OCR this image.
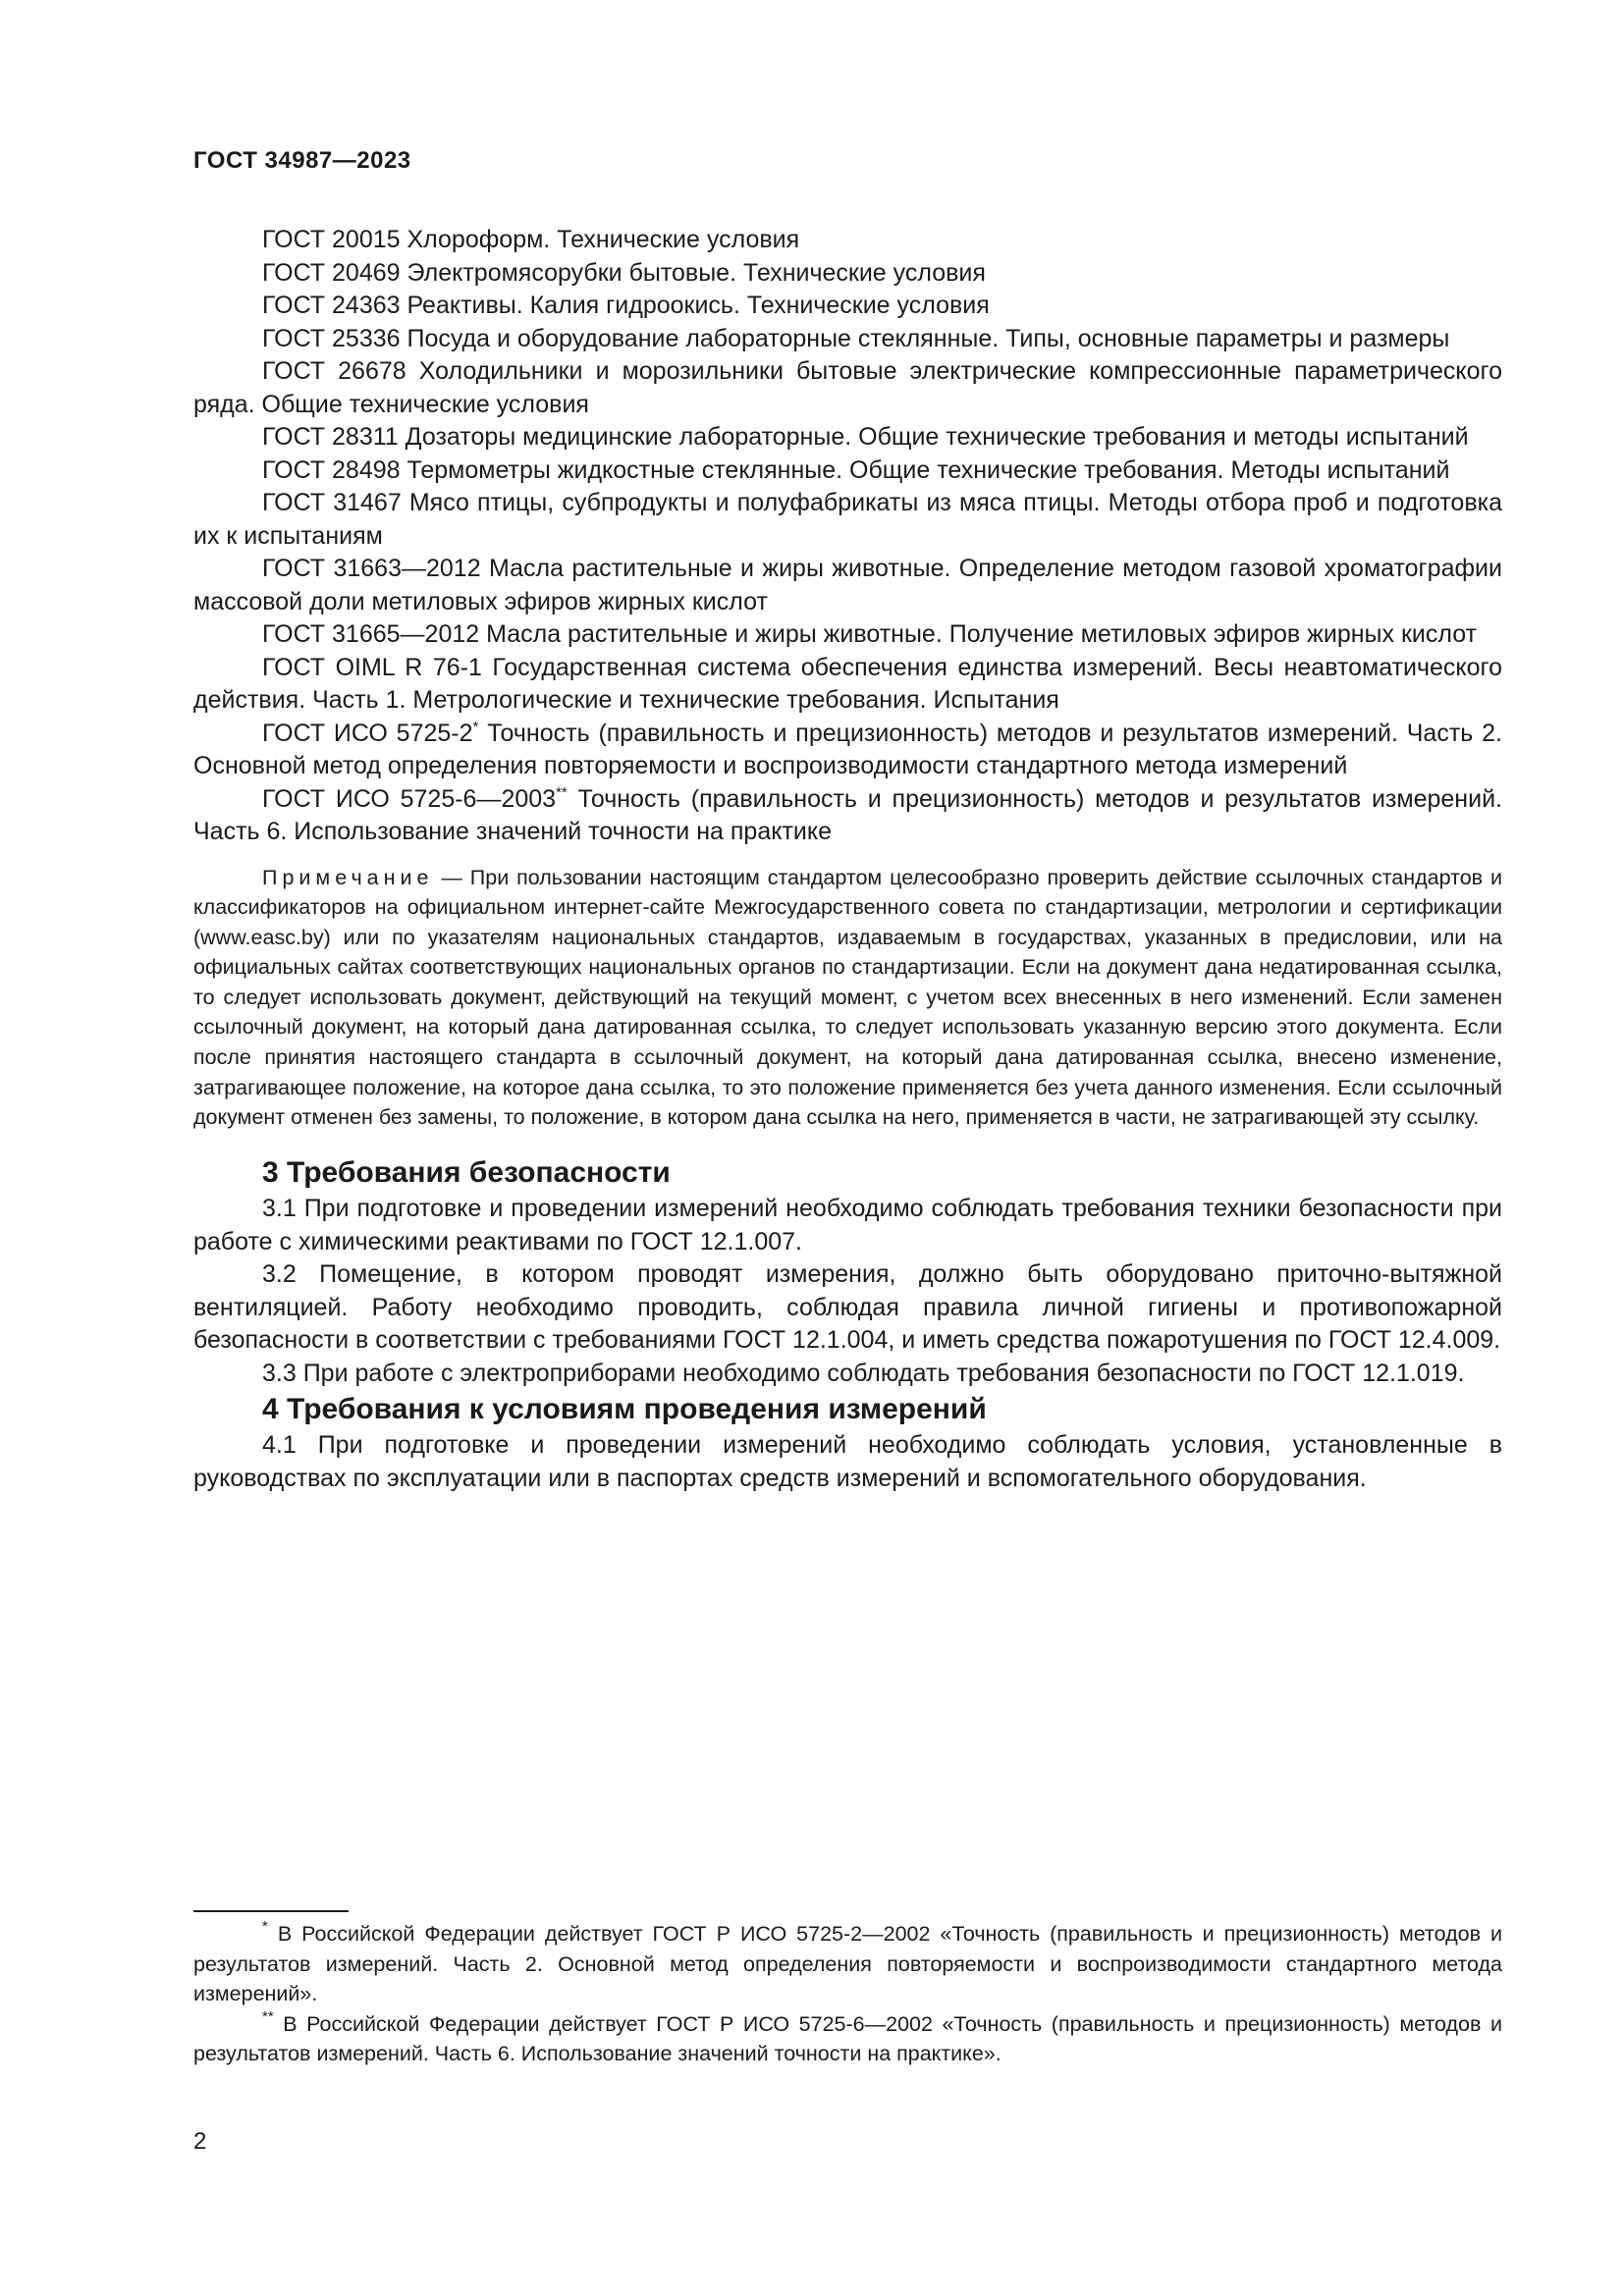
ГОСТ 34987—2023

ГОСТ 20015 Хлороформ. Технические условия

ГОСТ 20469 Электромясорубки бытовые. Технические условия

ГОСТ 24363 Реактивы. Калия гидроокись. Технические условия

ГОСТ 25336 Посуда и оборудование лабораторные стеклянные. Типы, основные параметры и размеры

ГОСТ 26678 Холодильники и морозильники бытовые электрические компрессионные параметрического ряда. Общие технические условия

ГОСТ 28311 Дозаторы медицинские лабораторные. Общие технические требования и методы испытаний

ГОСТ 28498 Термометры жидкостные стеклянные. Общие технические требования. Методы испытаний

ГОСТ 31467 Мясо птицы, субпродукты и полуфабрикаты из мяса птицы. Методы отбора проб и подготовка их к испытаниям

ГОСТ 31663—2012 Масла растительные и жиры животные. Определение методом газовой хроматографии массовой доли метиловых эфиров жирных кислот

ГОСТ 31665—2012 Масла растительные и жиры животные. Получение метиловых эфиров жирных кислот

ГОСТ OIML R 76-1 Государственная система обеспечения единства измерений. Весы неавтоматического действия. Часть 1. Метрологические и технические требования. Испытания

ГОСТ ИСО 5725-2* Точность (правильность и прецизионность) методов и результатов измерений. Часть 2. Основной метод определения повторяемости и воспроизводимости стандартного метода измерений

ГОСТ ИСО 5725-6—2003** Точность (правильность и прецизионность) методов и результатов измерений. Часть 6. Использование значений точности на практике

Примечание — При пользовании настоящим стандартом целесообразно проверить действие ссылочных стандартов и классификаторов на официальном интернет-сайте Межгосударственного совета по стандартизации, метрологии и сертификации (www.easc.by) или по указателям национальных стандартов, издаваемым в государствах, указанных в предисловии, или на официальных сайтах соответствующих национальных органов по стандартизации. Если на документ дана недатированная ссылка, то следует использовать документ, действующий на текущий момент, с учетом всех внесенных в него изменений. Если заменен ссылочный документ, на который дана датированная ссылка, то следует использовать указанную версию этого документа. Если после принятия настоящего стандарта в ссылочный документ, на который дана датированная ссылка, внесено изменение, затрагивающее положение, на которое дана ссылка, то это положение применяется без учета данного изменения. Если ссылочный документ отменен без замены, то положение, в котором дана ссылка на него, применяется в части, не затрагивающей эту ссылку.

3 Требования безопасности

3.1 При подготовке и проведении измерений необходимо соблюдать требования техники безопасности при работе с химическими реактивами по ГОСТ 12.1.007.

3.2 Помещение, в котором проводят измерения, должно быть оборудовано приточно-вытяжной вентиляцией. Работу необходимо проводить, соблюдая правила личной гигиены и противопожарной безопасности в соответствии с требованиями ГОСТ 12.1.004, и иметь средства пожаротушения по ГОСТ 12.4.009.

3.3 При работе с электроприборами необходимо соблюдать требования безопасности по ГОСТ 12.1.019.

4 Требования к условиям проведения измерений

4.1 При подготовке и проведении измерений необходимо соблюдать условия, установленные в руководствах по эксплуатации или в паспортах средств измерений и вспомогательного оборудования.

* В Российской Федерации действует ГОСТ Р ИСО 5725-2—2002 «Точность (правильность и прецизионность) методов и результатов измерений. Часть 2. Основной метод определения повторяемости и воспроизводимости стандартного метода измерений».

** В Российской Федерации действует ГОСТ Р ИСО 5725-6—2002 «Точность (правильность и прецизионность) методов и результатов измерений. Часть 6. Использование значений точности на практике».

2
